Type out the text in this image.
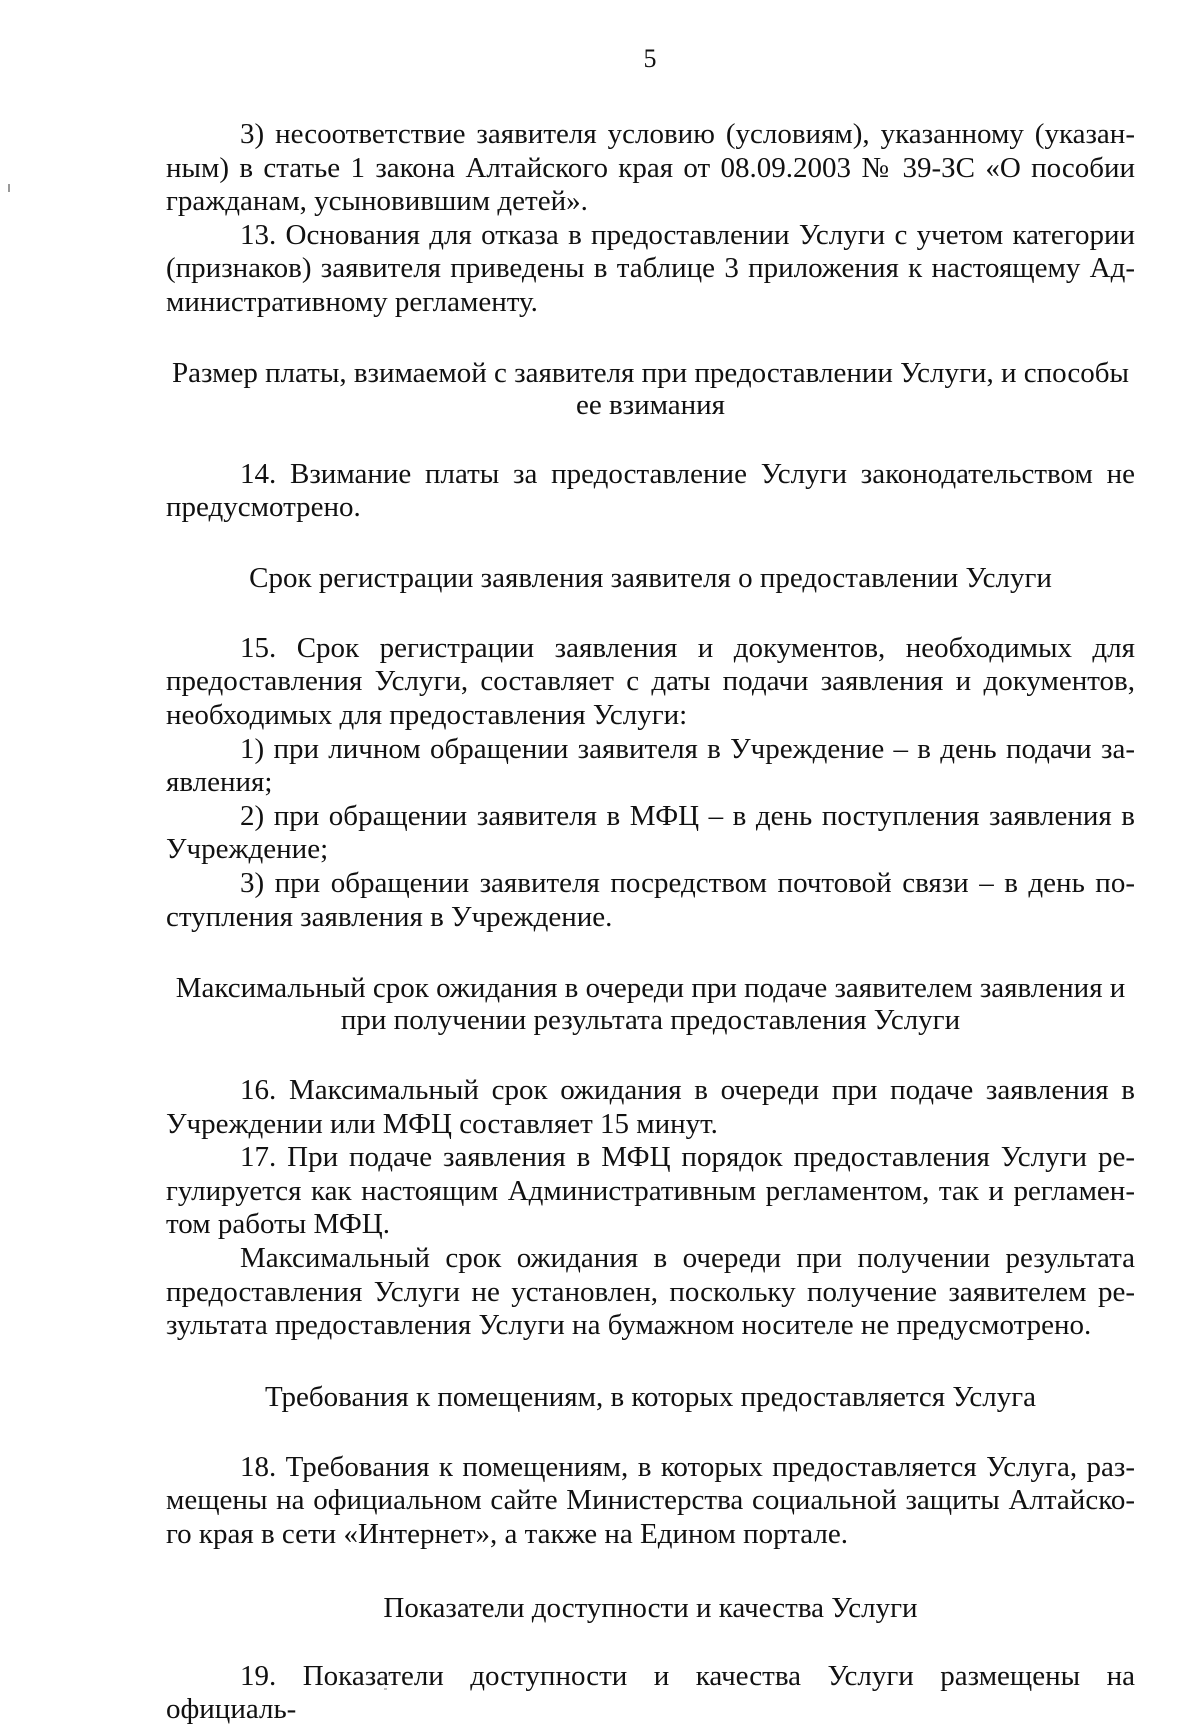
5

3) несоответствие заявителя условию (условиям), указанному (указанным) в статье 1 закона Алтайского края от 08.09.2003 № 39-ЗС «О пособии гражданам, усыновившим детей».

13. Основания для отказа в предоставлении Услуги с учетом категории (признаков) заявителя приведены в таблице 3 приложения к настоящему Административному регламенту.

Размер платы, взимаемой с заявителя при предоставлении Услуги, и способы ее взимания

14. Взимание платы за предоставление Услуги законодательством не предусмотрено.

Срок регистрации заявления заявителя о предоставлении Услуги

15. Срок регистрации заявления и документов, необходимых для предоставления Услуги, составляет с даты подачи заявления и документов, необходимых для предоставления Услуги:

1) при личном обращении заявителя в Учреждение – в день подачи заявления;

2) при обращении заявителя в МФЦ – в день поступления заявления в Учреждение;

3) при обращении заявителя посредством почтовой связи – в день поступления заявления в Учреждение.

Максимальный срок ожидания в очереди при подаче заявителем заявления и при получении результата предоставления Услуги

16. Максимальный срок ожидания в очереди при подаче заявления в Учреждении или МФЦ составляет 15 минут.

17. При подаче заявления в МФЦ порядок предоставления Услуги регулируется как настоящим Административным регламентом, так и регламентом работы МФЦ.

Максимальный срок ожидания в очереди при получении результата предоставления Услуги не установлен, поскольку получение заявителем результата предоставления Услуги на бумажном носителе не предусмотрено.

Требования к помещениям, в которых предоставляется Услуга

18. Требования к помещениям, в которых предоставляется Услуга, размещены на официальном сайте Министерства социальной защиты Алтайского края в сети «Интернет», а также на Едином портале.

Показатели доступности и качества Услуги

19. Показатели доступности и качества Услуги размещены на официаль-
